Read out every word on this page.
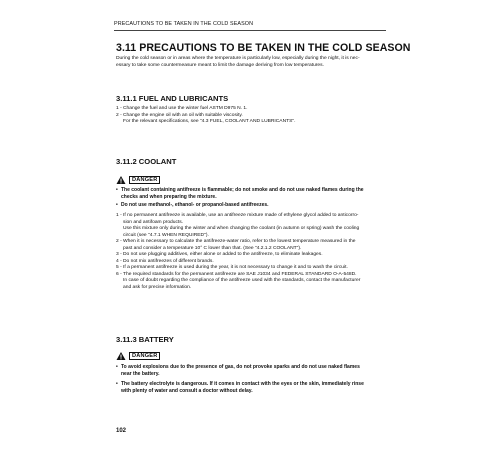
PRECAUTIONS TO BE TAKEN IN THE COLD SEASON
3.11 PRECAUTIONS TO BE TAKEN IN THE COLD SEASON
During the cold season or in areas where the temperature is particularly low, especially during the night, it is nec-
essary to take some countermeasure meant to limit the damage deriving from low temperatures.
3.11.1 FUEL AND LUBRICANTS
1 -Change the fuel and use the winter fuel ASTM D975 N. 1.
2 -Change the engine oil with an oil with suitable viscosity.
For the relevant specifications, see "4.3 FUEL, COOLANT AND LUBRICANTS".
3.11.2 COOLANT
DANGER
• The coolant containing antifreeze is flammable; do not smoke and do not use naked flames during the
checks and when preparing the mixture.
• Do not use methanol-, ethanol- or propanol-based antifreezes.
1 -If no permanent antifreeze is available, use an antifreeze mixture made of ethylene glycol added to anticorro-
sion and antifoam products.
Use this mixture only during the winter and when changing the coolant (in autumn or spring) wash the cooling
circuit (see "4.7.1 WHEN REQUIRED").
2 -When it is necessary to calculate the antifreeze-water ratio, refer to the lowest temperature measured in the
past and consider a temperature 10° C lower than that. (See "4.2.1.2 COOLANT").
3 -Do not use plugging additives, either alone or added to the antifreeze, to eliminate leakages.
4 -Do not mix antifreezes of different brands.
5 -If a permanent antifreeze is used during the year, it is not necessary to change it and to wash the circuit.
6 -The required standards for the permanent antifreeze are SAE J1034 and FEDERAL STANDARD O-A-548D.
In case of doubt regarding the compliance of the antifreeze used with the standards, contact the manufacturer
and ask for precise information.
3.11.3 BATTERY
DANGER
• To avoid explosions due to the presence of gas, do not provoke sparks and do not use naked flames
near the battery.
• The battery electrolyte is dangerous. If it comes in contact with the eyes or the skin, immediately rinse
with plenty of water and consult a doctor without delay.
102
